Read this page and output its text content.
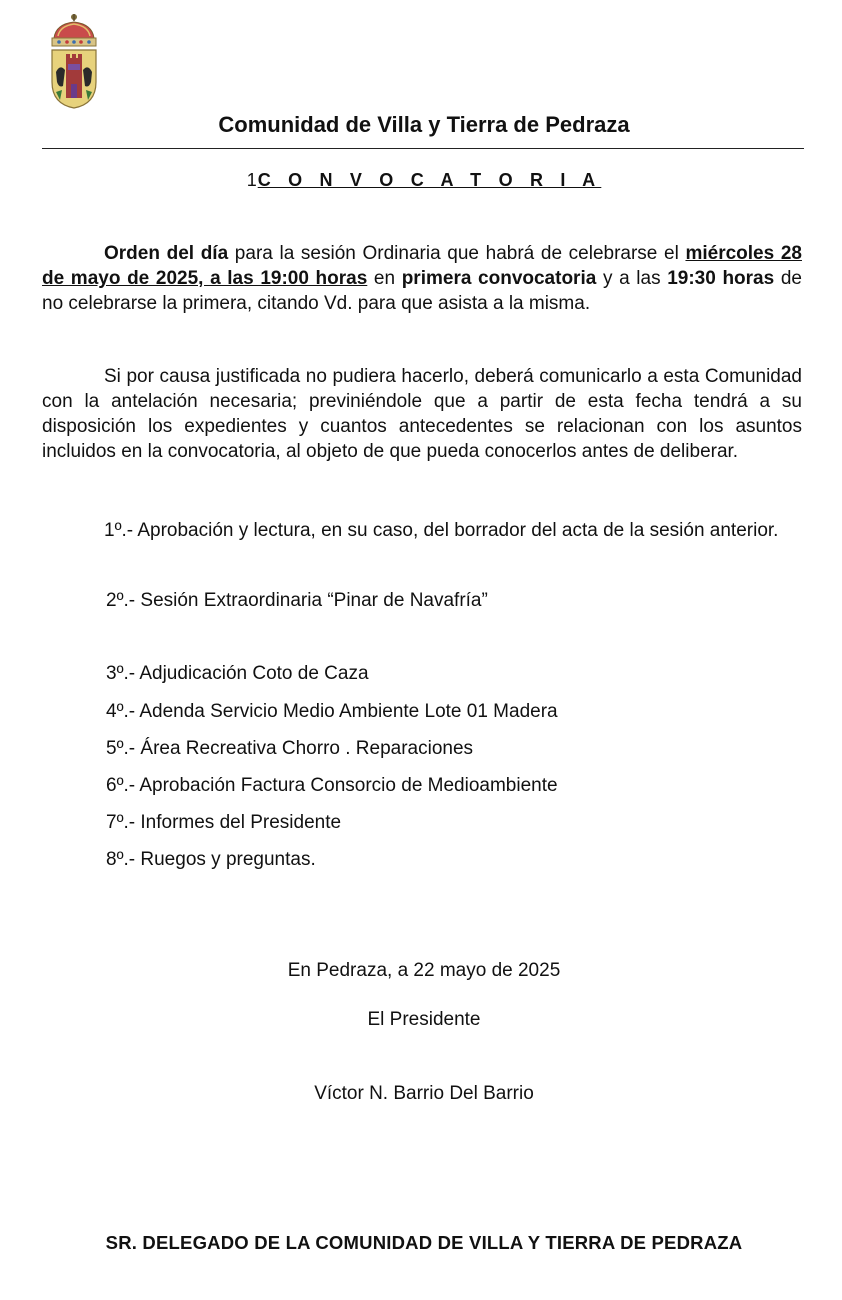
Comunidad de Villa y Tierra de Pedraza
1C O N V O C A T O R I A
Orden del día para la sesión Ordinaria que habrá de celebrarse el miércoles 28 de mayo de 2025, a las 19:00 horas en primera convocatoria y a las 19:30 horas de no celebrarse la primera, citando Vd. para que asista a la misma.
Si por causa justificada no pudiera hacerlo, deberá comunicarlo a esta Comunidad con la antelación necesaria; previniéndole que a partir de esta fecha tendrá a su disposición los expedientes y cuantos antecedentes se relacionan con los asuntos incluidos en la convocatoria, al objeto de que pueda conocerlos antes de deliberar.
1º.- Aprobación y lectura, en su caso, del borrador del acta de la sesión anterior.
2º.- Sesión Extraordinaria “Pinar de Navafría”
3º.- Adjudicación Coto de Caza
4º.- Adenda Servicio Medio Ambiente Lote 01 Madera
5º.- Área Recreativa Chorro . Reparaciones
6º.- Aprobación Factura Consorcio de Medioambiente
7º.- Informes del Presidente
8º.- Ruegos y preguntas.
En Pedraza, a 22 mayo de 2025
El Presidente
Víctor N. Barrio Del Barrio
SR. DELEGADO DE LA COMUNIDAD DE VILLA Y TIERRA DE PEDRAZA
